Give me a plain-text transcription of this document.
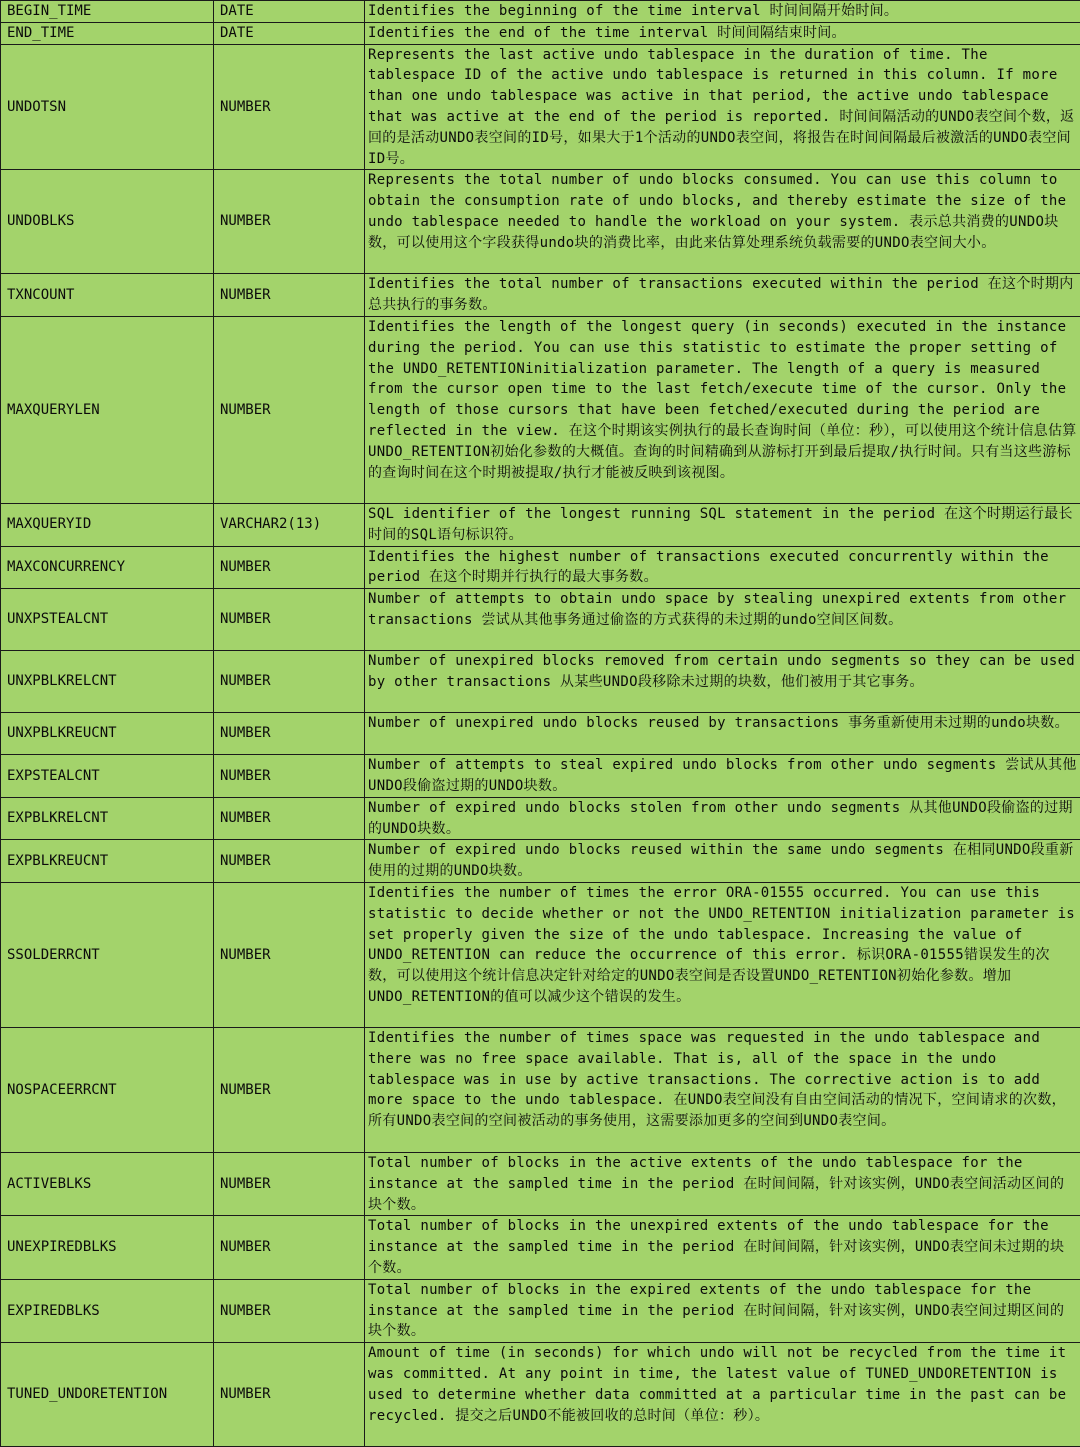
BEGIN_TIME	DATE	Identifies the beginning of the time interval 时间间隔开始时间。
END_TIME	DATE	Identifies the end of the time interval 时间间隔结束时间。
UNDOTSN	NUMBER	Represents the last active undo tablespace in the duration of time. The tablespace ID of the active undo tablespace is returned in this column. If more than one undo tablespace was active in that period, the active undo tablespace that was active at the end of the period is reported. 时间间隔活动的UNDO表空间个数，返回的是活动UNDO表空间的ID号，如果大于1个活动的UNDO表空间，将报告在时间间隔最后被激活的UNDO表空间ID号。
UNDOBLKS	NUMBER	Represents the total number of undo blocks consumed. You can use this column to obtain the consumption rate of undo blocks, and thereby estimate the size of the undo tablespace needed to handle the workload on your system. 表示总共消费的UNDO块数，可以使用这个字段获得undo块的消费比率，由此来估算处理系统负载需要的UNDO表空间大小。
TXNCOUNT	NUMBER	Identifies the total number of transactions executed within the period 在这个时期内总共执行的事务数。
MAXQUERYLEN	NUMBER	Identifies the length of the longest query (in seconds) executed in the instance during the period. You can use this statistic to estimate the proper setting of the UNDO_RETENTIONinitialization parameter. The length of a query is measured from the cursor open time to the last fetch/execute time of the cursor. Only the length of those cursors that have been fetched/executed during the period are reflected in the view. 在这个时期该实例执行的最长查询时间（单位：秒），可以使用这个统计信息估算UNDO_RETENTION初始化参数的大概值。查询的时间精确到从游标打开到最后提取/执行时间。只有当这些游标的查询时间在这个时期被提取/执行才能被反映到该视图。
MAXQUERYID	VARCHAR2(13)	SQL identifier of the longest running SQL statement in the period 在这个时期运行最长时间的SQL语句标识符。
MAXCONCURRENCY	NUMBER	Identifies the highest number of transactions executed concurrently within the period 在这个时期并行执行的最大事务数。
UNXPSTEALCNT	NUMBER	Number of attempts to obtain undo space by stealing unexpired extents from other transactions 尝试从其他事务通过偷盗的方式获得的未过期的undo空间区间数。
UNXPBLKRELCNT	NUMBER	Number of unexpired blocks removed from certain undo segments so they can be used by other transactions 从某些UNDO段移除未过期的块数，他们被用于其它事务。
UNXPBLKREUCNT	NUMBER	Number of unexpired undo blocks reused by transactions 事务重新使用未过期的undo块数。
EXPSTEALCNT	NUMBER	Number of attempts to steal expired undo blocks from other undo segments 尝试从其他UNDO段偷盗过期的UNDO块数。
EXPBLKRELCNT	NUMBER	Number of expired undo blocks stolen from other undo segments 从其他UNDO段偷盗的过期的UNDO块数。
EXPBLKREUCNT	NUMBER	Number of expired undo blocks reused within the same undo segments 在相同UNDO段重新使用的过期的UNDO块数。
SSOLDERRCNT	NUMBER	Identifies the number of times the error ORA-01555 occurred. You can use this statistic to decide whether or not the UNDO_RETENTION initialization parameter is set properly given the size of the undo tablespace. Increasing the value of UNDO_RETENTION can reduce the occurrence of this error. 标识ORA-01555错误发生的次数，可以使用这个统计信息决定针对给定的UNDO表空间是否设置UNDO_RETENTION初始化参数。增加UNDO_RETENTION的值可以减少这个错误的发生。
NOSPACEERRCNT	NUMBER	Identifies the number of times space was requested in the undo tablespace and there was no free space available. That is, all of the space in the undo tablespace was in use by active transactions. The corrective action is to add more space to the undo tablespace. 在UNDO表空间没有自由空间活动的情况下，空间请求的次数，所有UNDO表空间的空间被活动的事务使用，这需要添加更多的空间到UNDO表空间。
ACTIVEBLKS	NUMBER	Total number of blocks in the active extents of the undo tablespace for the instance at the sampled time in the period 在时间间隔，针对该实例，UNDO表空间活动区间的块个数。
UNEXPIREDBLKS	NUMBER	Total number of blocks in the unexpired extents of the undo tablespace for the instance at the sampled time in the period 在时间间隔，针对该实例，UNDO表空间未过期的块个数。
EXPIREDBLKS	NUMBER	Total number of blocks in the expired extents of the undo tablespace for the instance at the sampled time in the period 在时间间隔，针对该实例，UNDO表空间过期区间的块个数。
TUNED_UNDORETENTION	NUMBER	Amount of time (in seconds) for which undo will not be recycled from the time it was committed. At any point in time, the latest value of TUNED_UNDORETENTION is used to determine whether data committed at a particular time in the past can be recycled. 提交之后UNDO不能被回收的总时间（单位：秒）。
